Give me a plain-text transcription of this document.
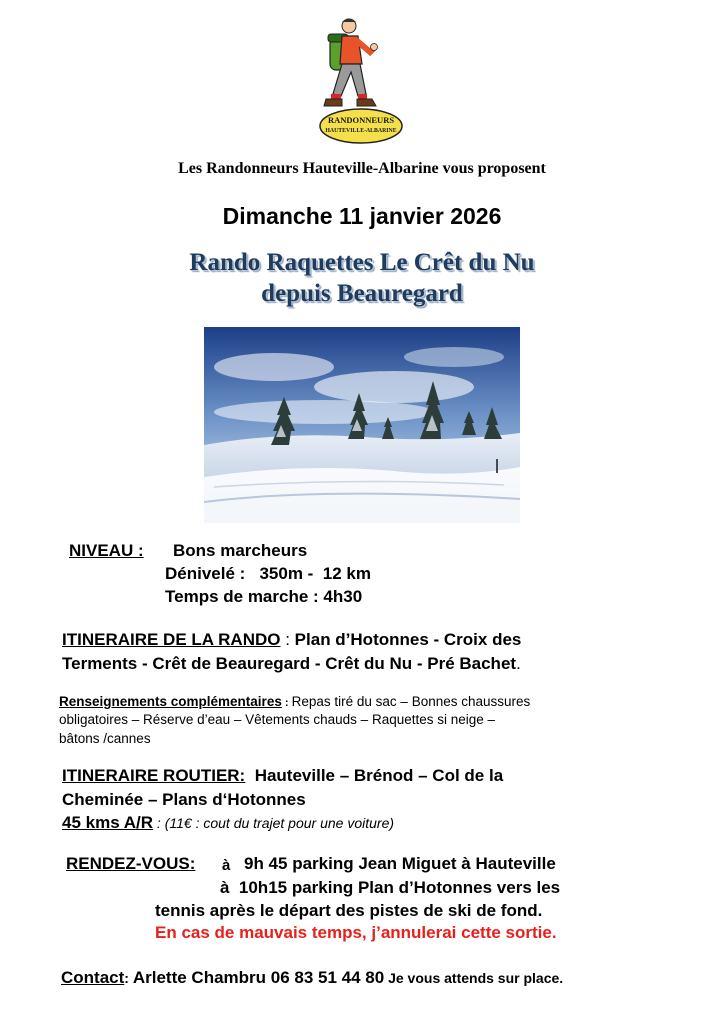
RANDONNEURS
HAUTEVILLE-ALBARINE
Les Randonneurs Hauteville-Albarine vous proposent
Dimanche 11 janvier 2026
Rando Raquettes Le Crêt du Nu
depuis Beauregard
NIVEAU : Bons marcheurs
Dénivelé :   350m -  12 km
Temps de marche : 4h30
ITINERAIRE DE LA RANDO : Plan d’Hotonnes - Croix des
Terments - Crêt de Beauregard - Crêt du Nu - Pré Bachet.
Renseignements complémentaires : Repas tiré du sac – Bonnes chaussures
obligatoires – Réserve d’eau – Vêtements chauds – Raquettes si neige –
bâtons /cannes
ITINERAIRE ROUTIER: Hauteville – Brénod – Col de la
Cheminée – Plans d‘Hotonnes
45 kms A/R : (11€ : cout du trajet pour une voiture)
RENDEZ-VOUS: à 9h 45 parking Jean Miguet à Hauteville
à  10h15 parking Plan d’Hotonnes vers les
tennis après le départ des pistes de ski de fond.
En cas de mauvais temps, j’annulerai cette sortie.
Contact: Arlette Chambru 06 83 51 44 80 Je vous attends sur place.
